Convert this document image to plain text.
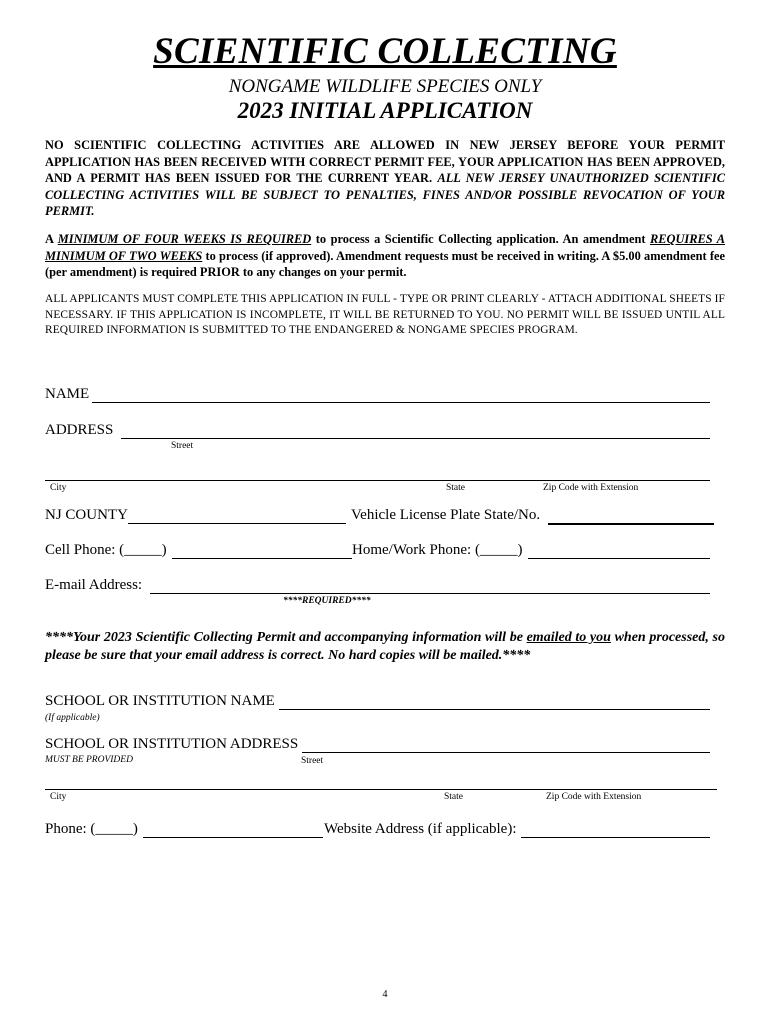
SCIENTIFIC COLLECTING
NONGAME WILDLIFE SPECIES ONLY
2023 INITIAL APPLICATION
NO SCIENTIFIC COLLECTING ACTIVITIES ARE ALLOWED IN NEW JERSEY BEFORE YOUR PERMIT APPLICATION HAS BEEN RECEIVED WITH CORRECT PERMIT FEE, YOUR APPLICATION HAS BEEN APPROVED, AND A PERMIT HAS BEEN ISSUED FOR THE CURRENT YEAR. ALL NEW JERSEY UNAUTHORIZED SCIENTIFIC COLLECTING ACTIVITIES WILL BE SUBJECT TO PENALTIES, FINES AND/OR POSSIBLE REVOCATION OF YOUR PERMIT.
A MINIMUM OF FOUR WEEKS IS REQUIRED to process a Scientific Collecting application. An amendment REQUIRES A MINIMUM OF TWO WEEKS to process (if approved). Amendment requests must be received in writing. A $5.00 amendment fee (per amendment) is required PRIOR to any changes on your permit.
ALL APPLICANTS MUST COMPLETE THIS APPLICATION IN FULL - TYPE OR PRINT CLEARLY - ATTACH ADDITIONAL SHEETS IF NECESSARY. IF THIS APPLICATION IS INCOMPLETE, IT WILL BE RETURNED TO YOU. NO PERMIT WILL BE ISSUED UNTIL ALL REQUIRED INFORMATION IS SUBMITTED TO THE ENDANGERED & NONGAME SPECIES PROGRAM.
NAME
ADDRESS
Street
City	State	Zip Code with Extension
NJ COUNTY	Vehicle License Plate State/No.
Cell Phone: (_____)	Home/Work Phone: (_____)
E-mail Address:
****REQUIRED****
****Your 2023 Scientific Collecting Permit and accompanying information will be emailed to you when processed, so please be sure that your email address is correct. No hard copies will be mailed.****
SCHOOL OR INSTITUTION NAME
(If applicable)
SCHOOL OR INSTITUTION ADDRESS
MUST BE PROVIDED	Street
City	State	Zip Code with Extension
Phone: (_____)	Website Address (if applicable):
4
